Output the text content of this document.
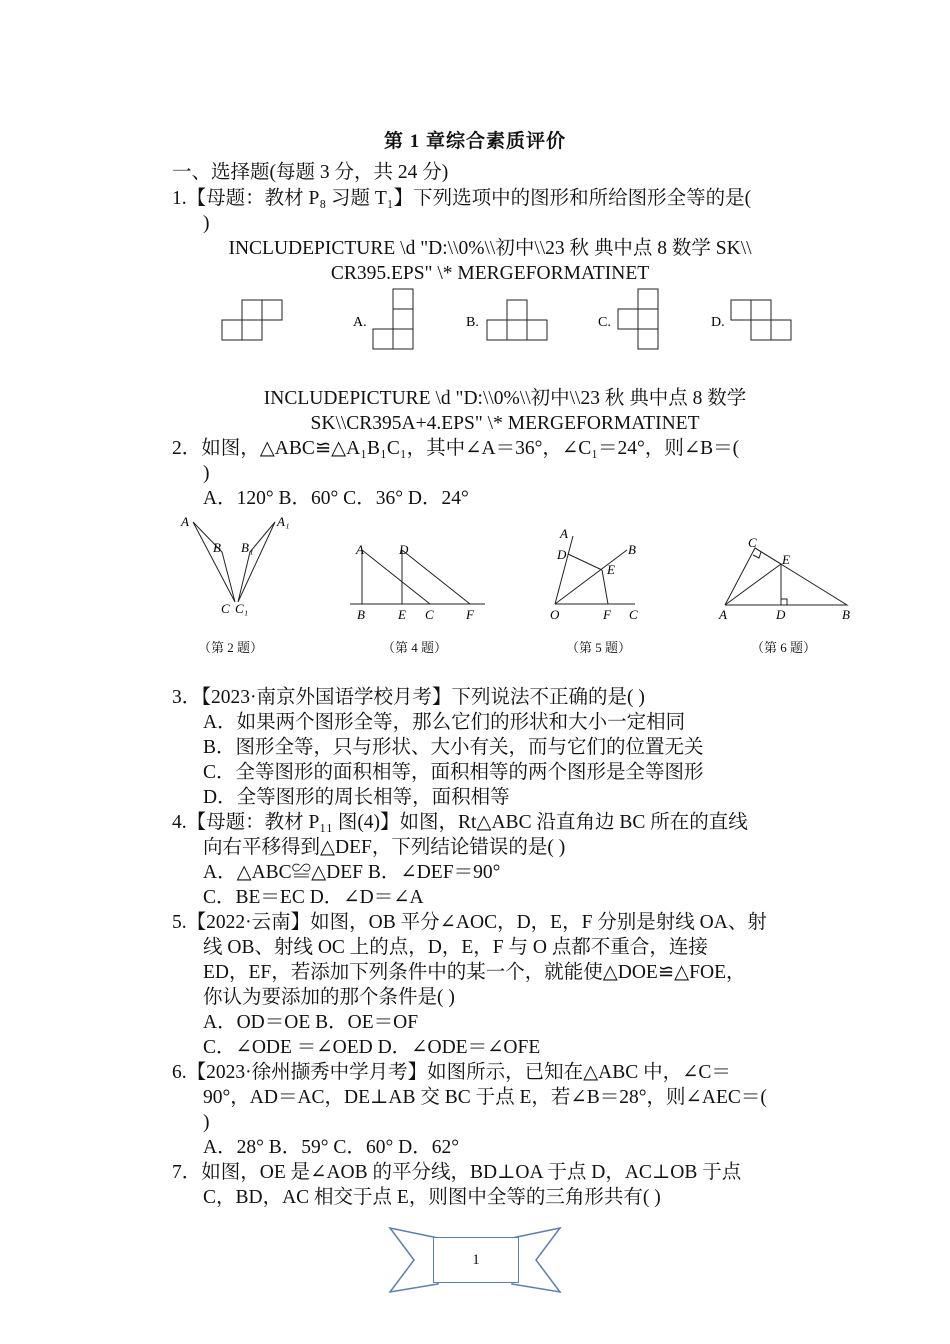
第 1 章综合素质评价
一、选择题(每题 3 分，共 24 分)
1.【母题：教材 P₈ 习题 T₁】下列选项中的图形和所给图形全等的是(
)
INCLUDEPICTURE \d "D:\\0%\\初中\\23 秋 典中点 8 数学 SK\\
CR395.EPS" \* MERGEFORMATINET
A.	B.	C.	D.
INCLUDEPICTURE \d "D:\\0%\\初中\\23 秋 典中点 8 数学
SK\\CR395A+4.EPS" \* MERGEFORMATINET
2．如图，△ABC≌△A₁B₁C₁，其中∠A＝36°，∠C₁＝24°，则∠B＝(
)
A．120° B．60° C．36° D．24°
A
B
C
A₁
B₁
C₁
（第 2 题）
A	D
B	E C F
（第 4 题）
A
D	B
E
O	F C
（第 5 题）
C
E
A	D	B
（第 6 题）
3．【2023·南京外国语学校月考】下列说法不正确的是( )
A．如果两个图形全等，那么它们的形状和大小一定相同
B．图形全等，只与形状、大小有关，而与它们的位置无关
C．全等图形的面积相等，面积相等的两个图形是全等图形
D．全等图形的周长相等，面积相等
4.【母题：教材 P₁₁ 图(4)】如图，Rt△ABC 沿直角边 BC 所在的直线
向右平移得到△DEF，下列结论错误的是( )
A．△ABC≌△DEF B．∠DEF＝90°
C．BE＝EC D．∠D＝∠A
5.【2022·云南】如图，OB 平分∠AOC，D，E，F 分别是射线 OA、射
线 OB、射线 OC 上的点，D，E，F 与 O 点都不重合，连接
ED，EF，若添加下列条件中的某一个，就能使△DOE≌△FOE，
你认为要添加的那个条件是( )
A．OD＝OE B．OE＝OF
C．∠ODE ＝∠OED D．∠ODE＝∠OFE
6.【2023·徐州撷秀中学月考】如图所示，已知在△ABC 中，∠C＝
90°，AD＝AC，DE⊥AB 交 BC 于点 E，若∠B＝28°，则∠AEC＝(
)
A．28° B．59° C．60° D．62°
7．如图，OE 是∠AOB 的平分线，BD⊥OA 于点 D，AC⊥OB 于点
C，BD，AC 相交于点 E，则图中全等的三角形共有( )
1
